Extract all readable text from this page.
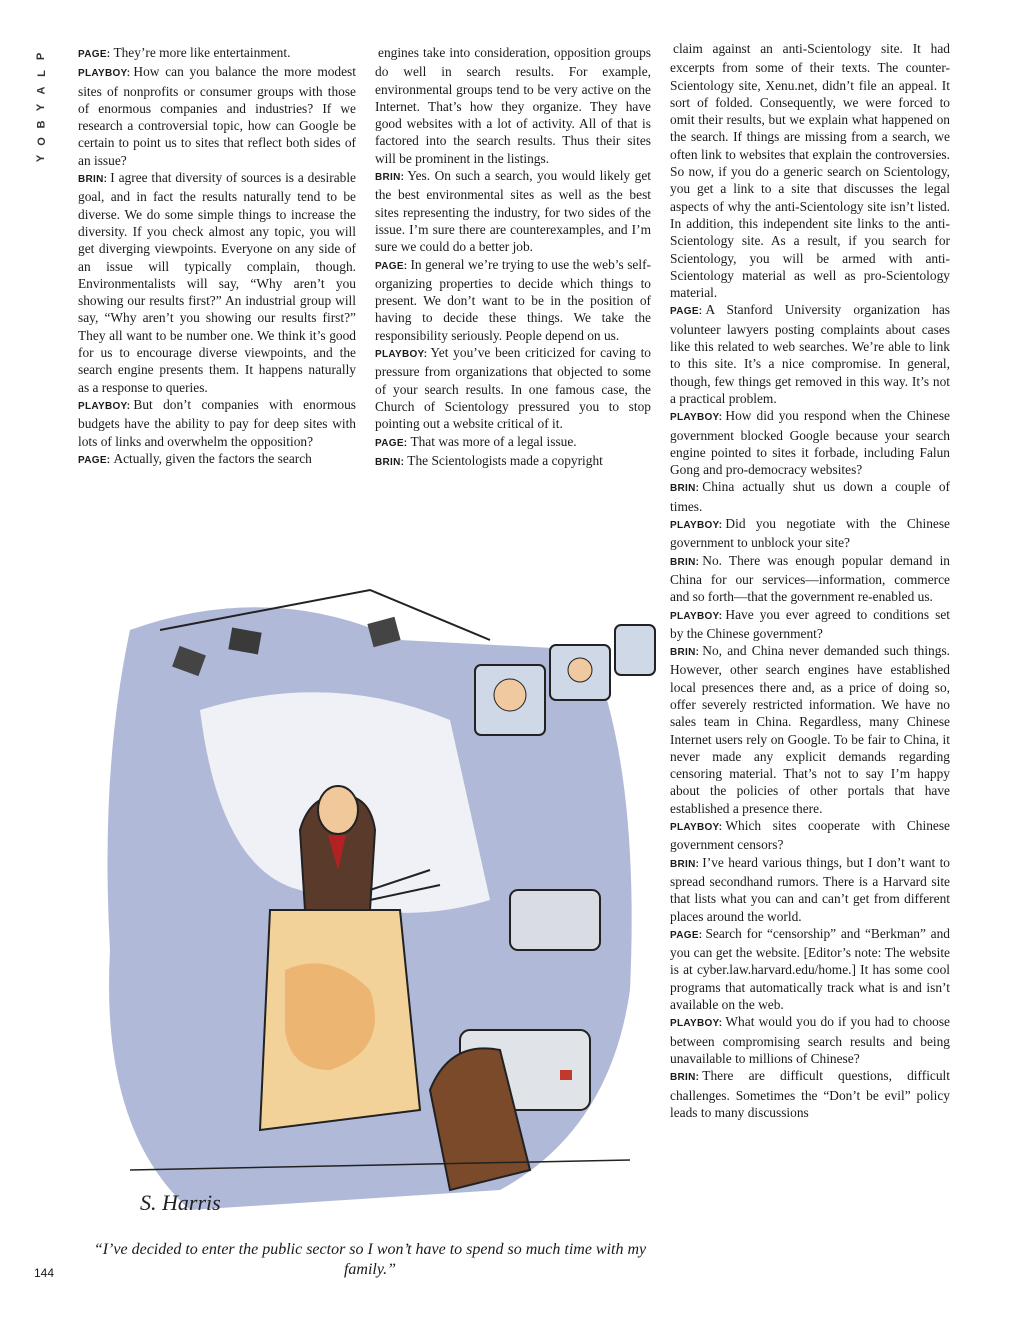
P
L
A
Y
B
O
Y

PAGE: They’re more like entertainment.

PLAYBOY: How can you balance the more modest sites of nonprofits or consumer groups with those of enormous companies and industries? If we research a controversial topic, how can Google be certain to point us to sites that reflect both sides of an issue?

BRIN: I agree that diversity of sources is a desirable goal, and in fact the results naturally tend to be diverse. We do some simple things to increase the diversity. If you check almost any topic, you will get diverging viewpoints. Everyone on any side of an issue will typically complain, though. Environmentalists will say, “Why aren’t you showing our results first?” An industrial group will say, “Why aren’t you showing our results first?” They all want to be number one. We think it’s good for us to encourage diverse viewpoints, and the search engine presents them. It happens naturally as a response to queries.

PLAYBOY: But don’t companies with enormous budgets have the ability to pay for deep sites with lots of links and overwhelm the opposition?

PAGE: Actually, given the factors the search

engines take into consideration, opposition groups do well in search results. For example, environmental groups tend to be very active on the Internet. That’s how they organize. They have good websites with a lot of activity. All of that is factored into the search results. Thus their sites will be prominent in the listings.

BRIN: Yes. On such a search, you would likely get the best environmental sites as well as the best sites representing the industry, for two sides of the issue. I’m sure there are counterexamples, and I’m sure we could do a better job.

PAGE: In general we’re trying to use the web’s self-organizing properties to decide which things to present. We don’t want to be in the position of having to decide these things. We take the responsibility seriously. People depend on us.

PLAYBOY: Yet you’ve been criticized for caving to pressure from organizations that objected to some of your search results. In one famous case, the Church of Scientology pressured you to stop pointing out a website critical of it.

PAGE: That was more of a legal issue.

BRIN: The Scientologists made a copyright

claim against an anti-Scientology site. It had excerpts from some of their texts. The counter-Scientology site, Xenu.net, didn’t file an appeal. It sort of folded. Consequently, we were forced to omit their results, but we explain what happened on the search. If things are missing from a search, we often link to websites that explain the controversies. So now, if you do a generic search on Scientology, you get a link to a site that discusses the legal aspects of why the anti-Scientology site isn’t listed. In addition, this independent site links to the anti-Scientology site. As a result, if you search for Scientology, you will be armed with anti-Scientology material as well as pro-Scientology material.

PAGE: A Stanford University organization has volunteer lawyers posting complaints about cases like this related to web searches. We’re able to link to this site. It’s a nice compromise. In general, though, few things get removed in this way. It’s not a practical problem.

PLAYBOY: How did you respond when the Chinese government blocked Google because your search engine pointed to sites it forbade, including Falun Gong and pro-democracy websites?

BRIN: China actually shut us down a couple of times.

PLAYBOY: Did you negotiate with the Chinese government to unblock your site?

BRIN: No. There was enough popular demand in China for our services—information, commerce and so forth—that the government re-enabled us.

PLAYBOY: Have you ever agreed to conditions set by the Chinese government?

BRIN: No, and China never demanded such things. However, other search engines have established local presences there and, as a price of doing so, offer severely restricted information. We have no sales team in China. Regardless, many Chinese Internet users rely on Google. To be fair to China, it never made any explicit demands regarding censoring material. That’s not to say I’m happy about the policies of other portals that have established a presence there.

PLAYBOY: Which sites cooperate with Chinese government censors?

BRIN: I’ve heard various things, but I don’t want to spread secondhand rumors. There is a Harvard site that lists what you can and can’t get from different places around the world.

PAGE: Search for “censorship” and “Berkman” and you can get the website. [Editor’s note: The website is at cyber.law.harvard.edu/home.] It has some cool programs that automatically track what is and isn’t available on the web.

PLAYBOY: What would you do if you had to choose between compromising search results and being unavailable to millions of Chinese?

BRIN: There are difficult questions, difficult challenges. Sometimes the “Don’t be evil” policy leads to many discussions

S. Harris
“I’ve decided to enter the public sector so I won’t have to spend so much time with my family.”
144
